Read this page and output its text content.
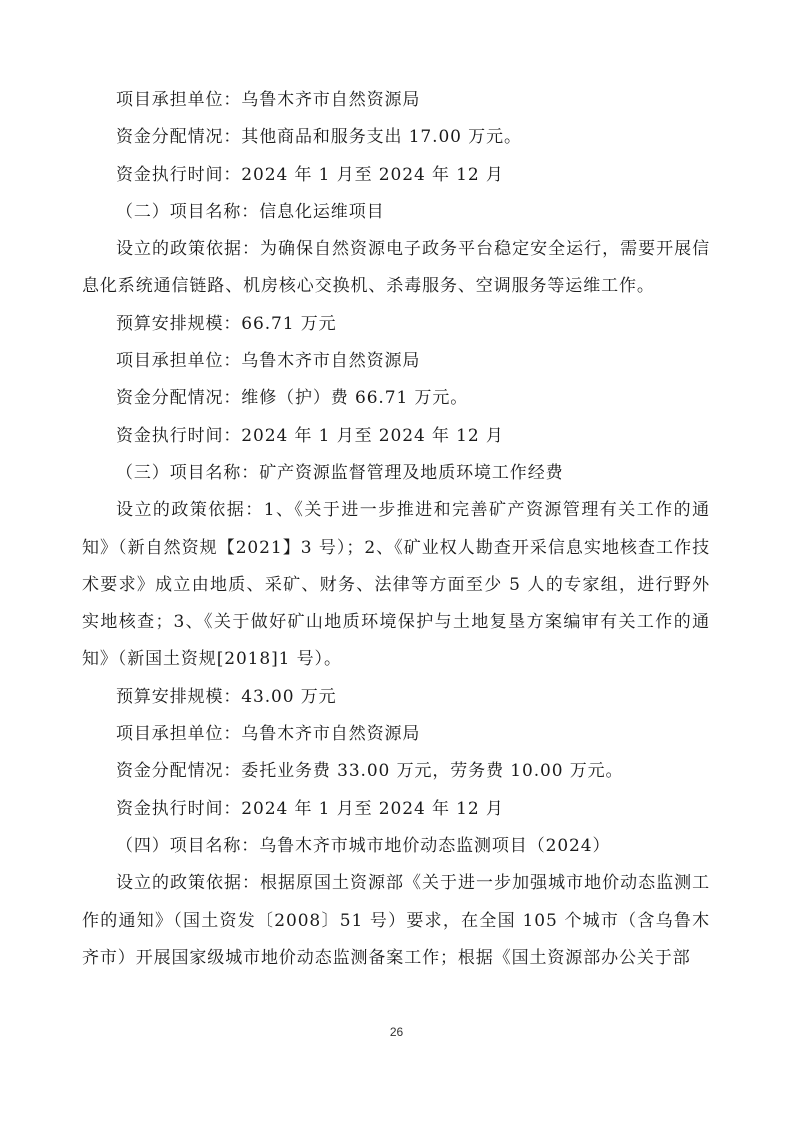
项目承担单位：乌鲁木齐市自然资源局

资金分配情况：其他商品和服务支出 17.00 万元。

资金执行时间：2024 年 1 月至 2024 年 12 月

（二）项目名称：信息化运维项目

设立的政策依据：为确保自然资源电子政务平台稳定安全运行，需要开展信息化系统通信链路、机房核心交换机、杀毒服务、空调服务等运维工作。

预算安排规模：66.71 万元

项目承担单位：乌鲁木齐市自然资源局

资金分配情况：维修（护）费 66.71 万元。

资金执行时间：2024 年 1 月至 2024 年 12 月

（三）项目名称：矿产资源监督管理及地质环境工作经费

设立的政策依据：1、《关于进一步推进和完善矿产资源管理有关工作的通知》（新自然资规【2021】3 号）；2、《矿业权人勘查开采信息实地核查工作技术要求》成立由地质、采矿、财务、法律等方面至少 5 人的专家组，进行野外实地核查；3、《关于做好矿山地质环境保护与土地复垦方案编审有关工作的通知》（新国土资规[2018]1 号）。

预算安排规模：43.00 万元

项目承担单位：乌鲁木齐市自然资源局

资金分配情况：委托业务费 33.00 万元，劳务费 10.00 万元。

资金执行时间：2024 年 1 月至 2024 年 12 月

（四）项目名称：乌鲁木齐市城市地价动态监测项目（2024）

设立的政策依据：根据原国土资源部《关于进一步加强城市地价动态监测工作的通知》（国土资发〔2008〕51 号）要求，在全国 105 个城市（含乌鲁木齐市）开展国家级城市地价动态监测备案工作；根据《国土资源部办公关于部

26
